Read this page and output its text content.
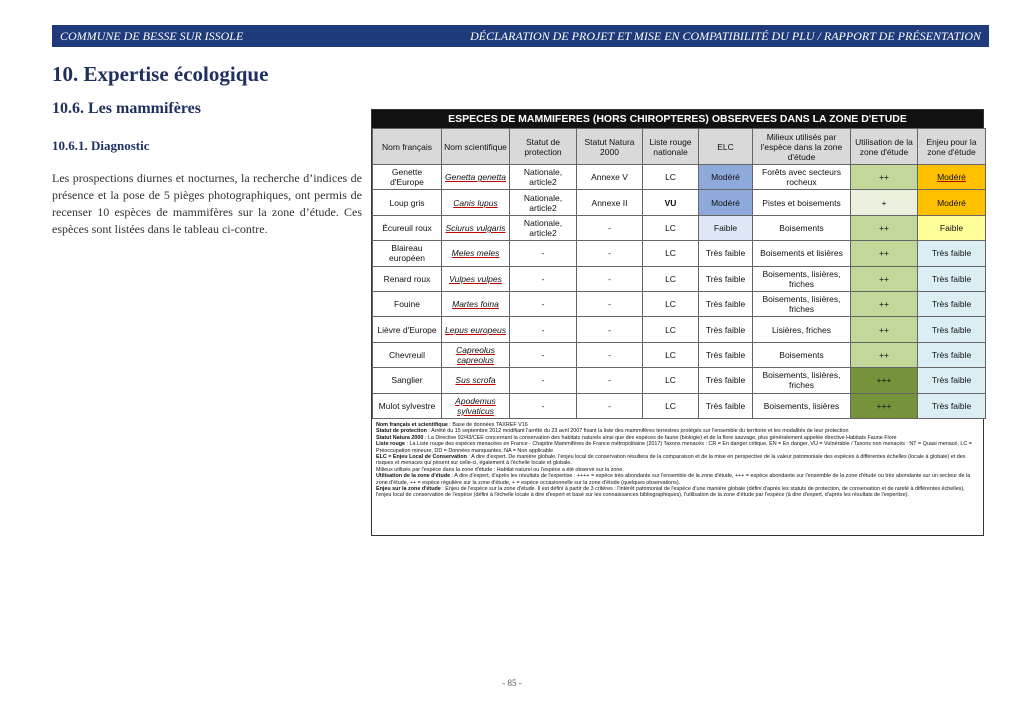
COMMUNE DE BESSE SUR ISSOLE	DÉCLARATION DE PROJET ET MISE EN COMPATIBILITÉ DU PLU / RAPPORT DE PRÉSENTATION
10. Expertise écologique
10.6. Les mammifères
10.6.1. Diagnostic

Les prospections diurnes et nocturnes, la recherche d’indices de présence et la pose de 5 pièges photographiques, ont permis de recenser 10 espèces de mammifères sur la zone d’étude. Ces espèces sont listées dans le tableau ci-contre.

ESPECES DE MAMMIFERES (HORS CHIROPTERES) OBSERVEES DANS LA ZONE D'ETUDE
Nom français	Nom scientifique	Statut de protection	Statut Natura 2000	Liste rouge nationale	ELC	Milieux utilisés par l'espèce dans la zone d'étude	Utilisation de la zone d'étude	Enjeu pour la zone d'étude
Genette d'Europe	Genetta genetta	Nationale, article2	Annexe V	LC	Modéré	Forêts avec secteurs rocheux	++	Modéré
Loup gris	Canis lupus	Nationale, article2	Annexe II	VU	Modéré	Pistes et boisements	+	Modéré
Écureuil roux	Sciurus vulgaris	Nationale, article2	-	LC	Faible	Boisements	++	Faible
Blaireau européen	Meles meles	-	-	LC	Très faible	Boisements et lisières	++	Très faible
Renard roux	Vulpes vulpes	-	-	LC	Très faible	Boisements, lisières, friches	++	Très faible
Fouine	Martes foina	-	-	LC	Très faible	Boisements, lisières, friches	++	Très faible
Lièvre d'Europe	Lepus europeus	-	-	LC	Très faible	Lisières, friches	++	Très faible
Chevreuil	Capreolus capreolus	-	-	LC	Très faible	Boisements	++	Très faible
Sanglier	Sus scrofa	-	-	LC	Très faible	Boisements, lisières, friches	+++	Très faible
Mulot sylvestre	Apodemus sylvaticus	-	-	LC	Très faible	Boisements, lisières	+++	Très faible

Nom français et scientifique : Base de données TAXREF V16

Statut de protection : Arrêté du 15 septembre 2012 modifiant l'arrêté du 23 avril 2007 fixant la liste des mammifères terrestres protégés sur l'ensemble du territoire et les modalités de leur protection

Statut Natura 2000 : La Directive 92/43/CEE concernant la conservation des habitats naturels ainsi que des espèces de faune (biologie) et de la flore sauvage, plus généralement appelée directive Habitats Faune Flore

Liste rouge : La Liste rouge des espèces menacées en France - Chapitre Mammifères de France métropolitaine (2017) Taxons menacés : CR = En danger critique, EN = En danger, VU = Vulnérable / Taxons non menacés : NT = Quasi menacé, LC = Préoccupation mineure, DD = Données manquantes, NA = Non applicable

ELC = Enjeu Local de Conservation : A dire d'expert. De manière globale, l'enjeu local de conservation résultera de la comparaison et de la mise en perspective de la valeur patrimoniale des espèces à différentes échelles (locale à globale) et des risques et menaces qui pèsent sur celle-ci, également à l'échelle locale et globale.

Milieux utilisés par l'espèce dans la zone d'étude : Habitat naturel ou l'espèce a été observé sur la zone.

Utilisation de la zone d'étude : A dire d'expert, d'après les résultats de l'expertise : ++++ = espèce très abondante sur l'ensemble de la zone d'étude, +++ = espèce abondante sur l'ensemble de la zone d'étude ou très abondante sur un secteur de la zone d'étude, ++ = espèce régulière sur la zone d'étude, + = espèce occasionnelle sur la zone d'étude (quelques observations).

Enjeu sur la zone d'étude : Enjeu de l'espèce sur la zone d'étude. Il est défini à partir de 3 critères : l'intérêt patrimonial de l'espèce d'une manière globale (défini d'après les statuts de protection, de conservation et de rareté à différentes échelles), l'enjeu local de conservation de l'espèce (défini à l'échelle locale à dire d'expert et basé sur les connaissances bibliographiques), l'utilisation de la zone d'étude par l'espèce (à dire d'expert, d'après les résultats de l'expertise).

- 85 -
